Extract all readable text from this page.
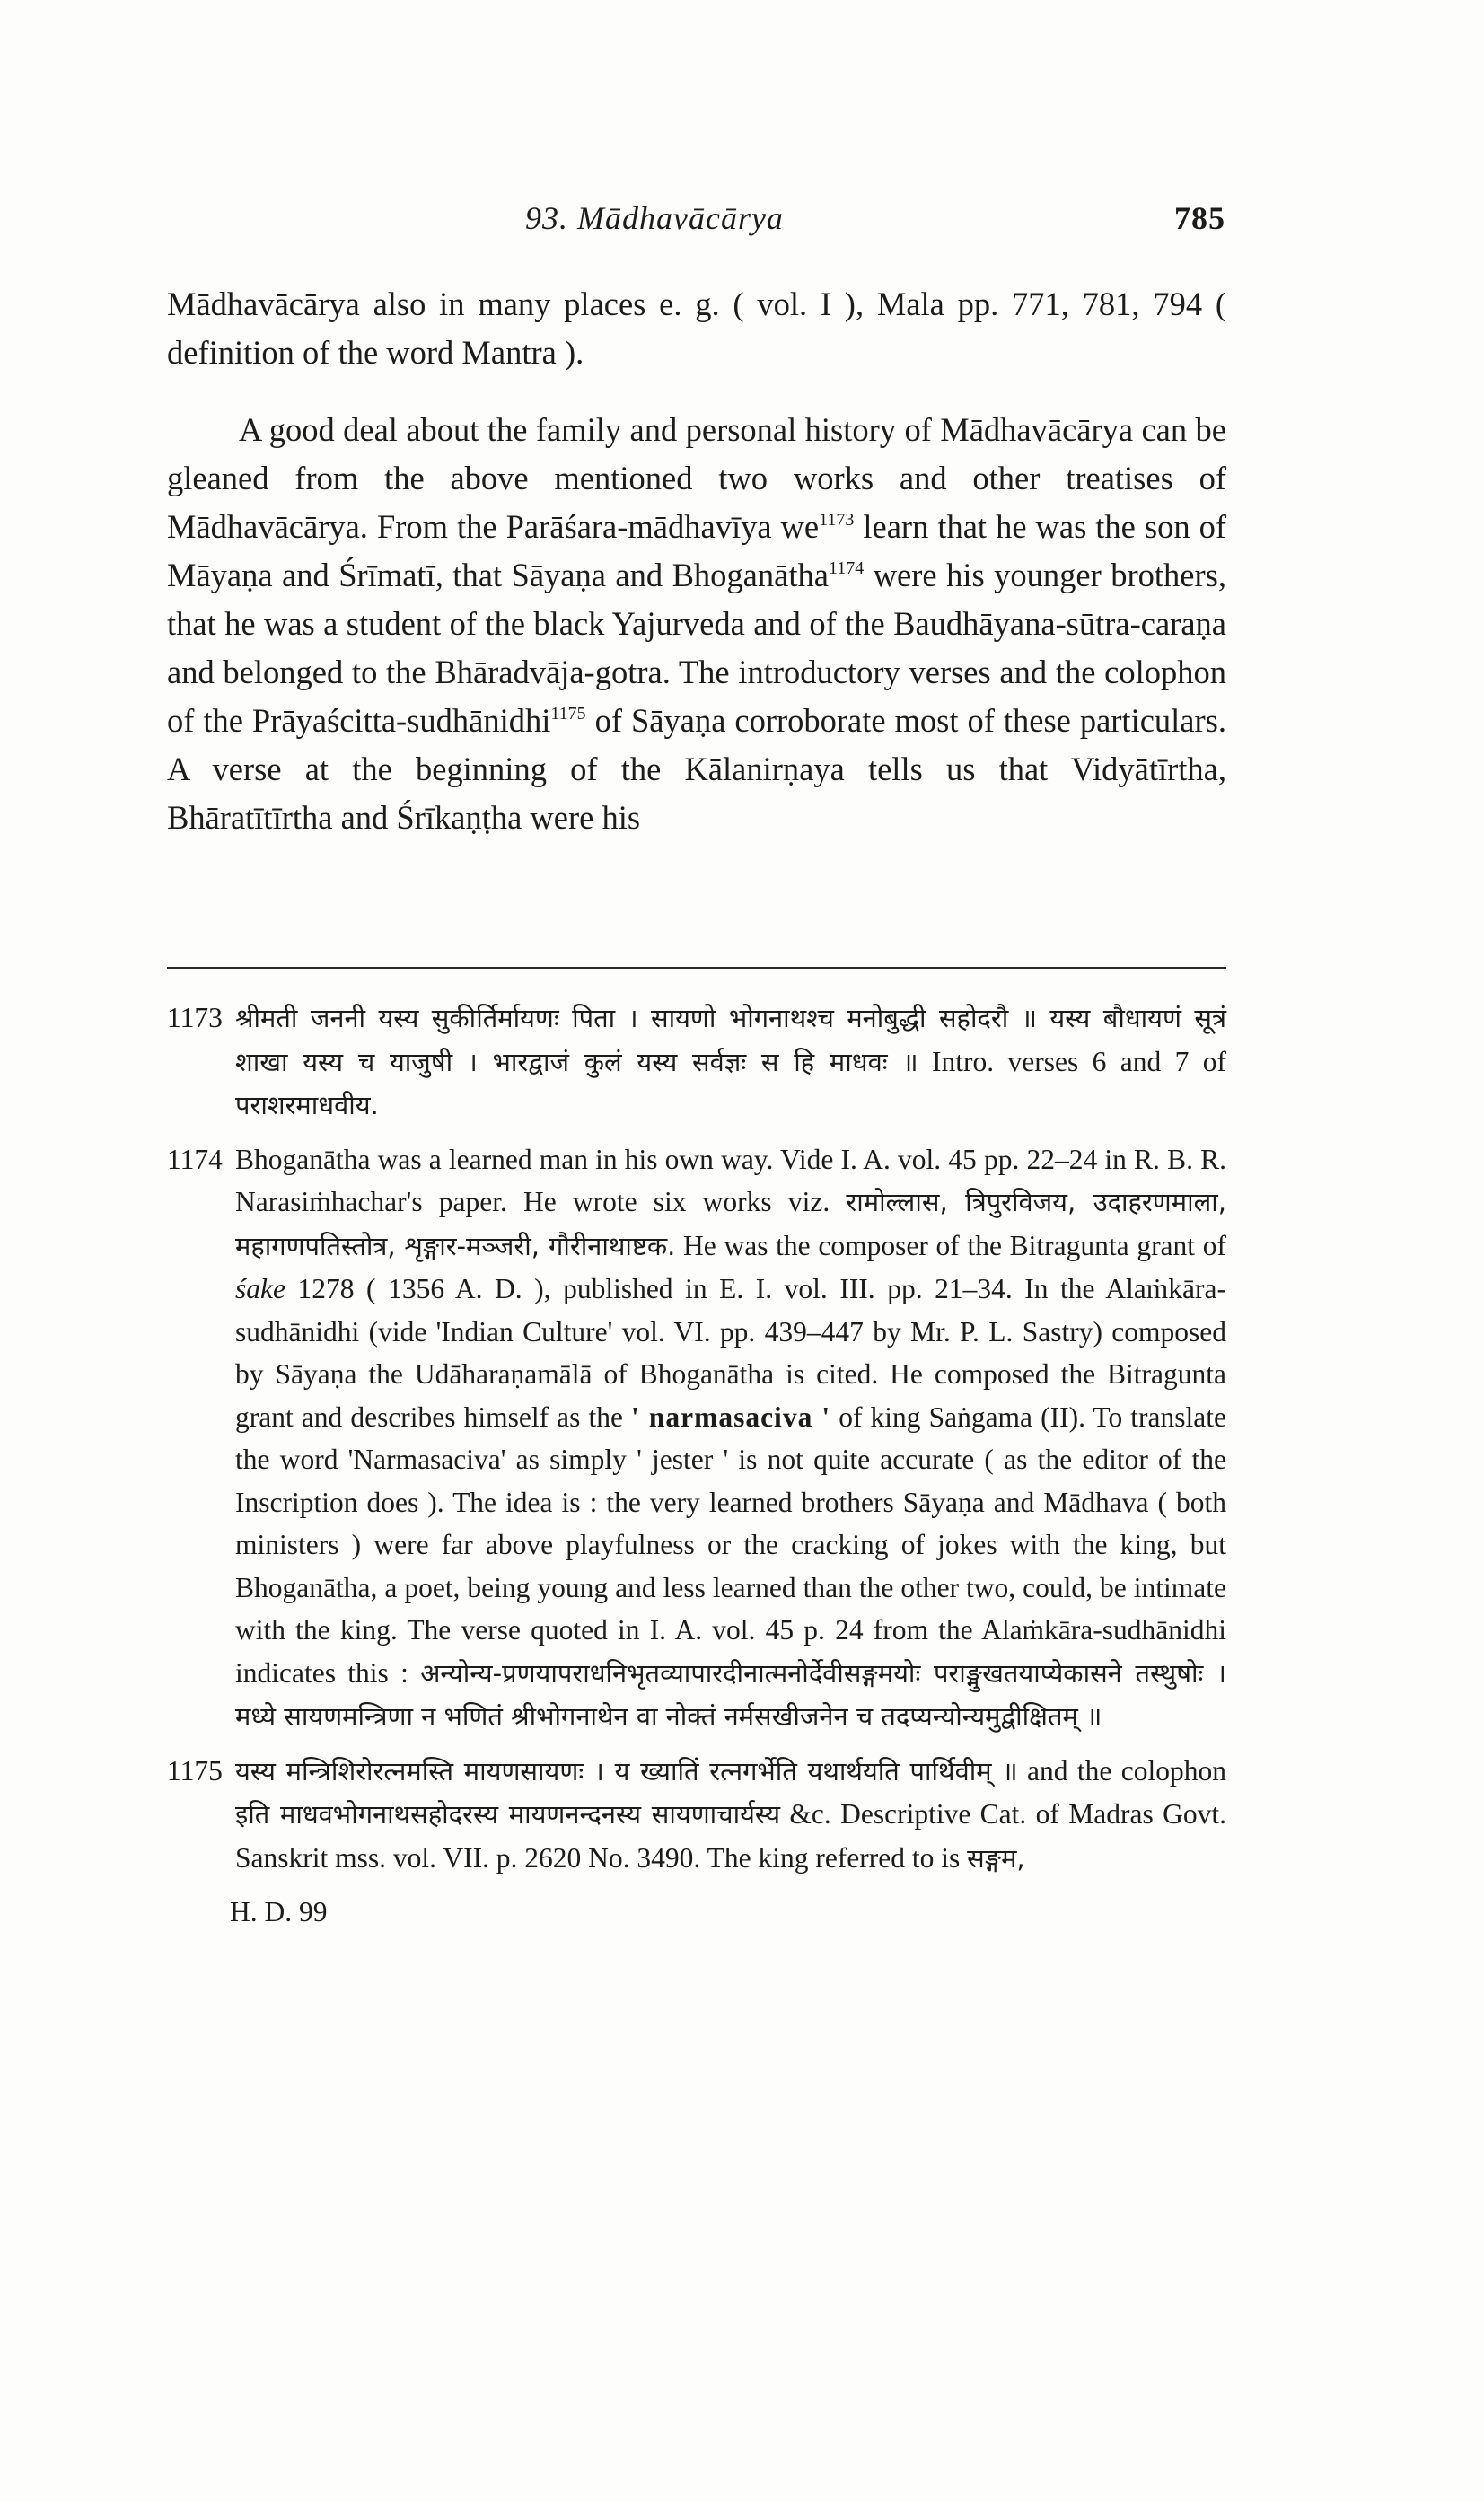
93. Mādhavācārya	785

Mādhavācārya also in many places e. g. ( vol. I ), Mala pp. 771, 781, 794 ( definition of the word Mantra ).

A good deal about the family and personal history of Mādhavācārya can be gleaned from the above mentioned two works and other treatises of Mādhavācārya. From the Parāśara-mādhavīya $we^{1173}$ learn that he was the son of Māyaṇa and Śrīmatī, that Sāyaṇa and Bhoganātha$^{1174}$ were his younger brothers, that he was a student of the black Yajurveda and of the Baudhāyana-sūtra-caraṇa and belonged to the Bhāradvāja-gotra. The introductory verses and the colophon of the Prāyaścitta-sudhānidhi$^{1175}$ of Sāyaṇa corroborate most of these particulars. A verse at the beginning of the Kālanirṇaya tells us that Vidyātīrtha, Bhāratītīrtha and Śrīkaṇṭha were his

1173 श्रीमती जननी यस्य सुकीर्तिर्मायणः पिता । सायणो भोगनाथश्च मनोबुद्धी सहोदरौ ॥ यस्य बौधायणं सूत्रं शाखा यस्य च याजुषी । भारद्वाजं कुलं यस्य सर्वज्ञः स हि माधवः ॥ Intro. verses 6 and 7 of पराशरमाधवीय.
1174 Bhoganātha was a learned man in his own way. Vide I. A. vol. 45 pp. 22–24 in R. B. R. Narasiṁhachar's paper. He wrote six works viz. रामोल्लास, त्रिपुरविजय, उदाहरणमाला, महागणपतिस्तोत्र, शृङ्गार-मञ्जरी, गौरीनाथाष्टक. He was the composer of the Bitragunta grant of śake 1278 ( 1356 A. D. ), published in E. I. vol. III. pp. 21–34. In the Alaṁkāra-sudhānidhi (vide 'Indian Culture' vol. VI. pp. 439–447 by Mr. P. L. Sastry) composed by Sāyaṇa the Udāharaṇamālā of Bhoganātha is cited. He composed the Bitragunta grant and describes himself as the ' narmasaciva ' of king Saṅgama (II). To translate the word 'Narmasaciva' as simply ' jester ' is not quite accurate ( as the editor of the Inscription does ). The idea is : the very learned brothers Sāyaṇa and Mādhava ( both ministers ) were far above playfulness or the cracking of jokes with the king, but Bhoganātha, a poet, being young and less learned than the other two, could, be intimate with the king. The verse quoted in I. A. vol. 45 p. 24 from the Alaṁkāra-sudhānidhi indicates this : अन्योन्य-प्रणयापराधनिभृतव्यापारदीनात्मनोर्देवीसङ्गमयोः पराङ्मुखतयाप्येकासने तस्थुषोः । मध्ये सायणमन्त्रिणा न भणितं श्रीभोगनाथेन वा नोक्तं नर्मसखीजनेन च तदप्यन्योन्यमुद्वीक्षितम् ॥
1175 यस्य मन्त्रिशिरोरत्नमस्ति मायणसायणः । य ख्यातिं रत्नगर्भेति यथार्थयति पार्थिवीम् ॥ and the colophon इति माधवभोगनाथसहोदरस्य मायणनन्दनस्य सायणाचार्यस्य &c. Descriptive Cat. of Madras Govt. Sanskrit mss. vol. VII. p. 2620 No. 3490. The king referred to is सङ्गम,
H. D. 99
